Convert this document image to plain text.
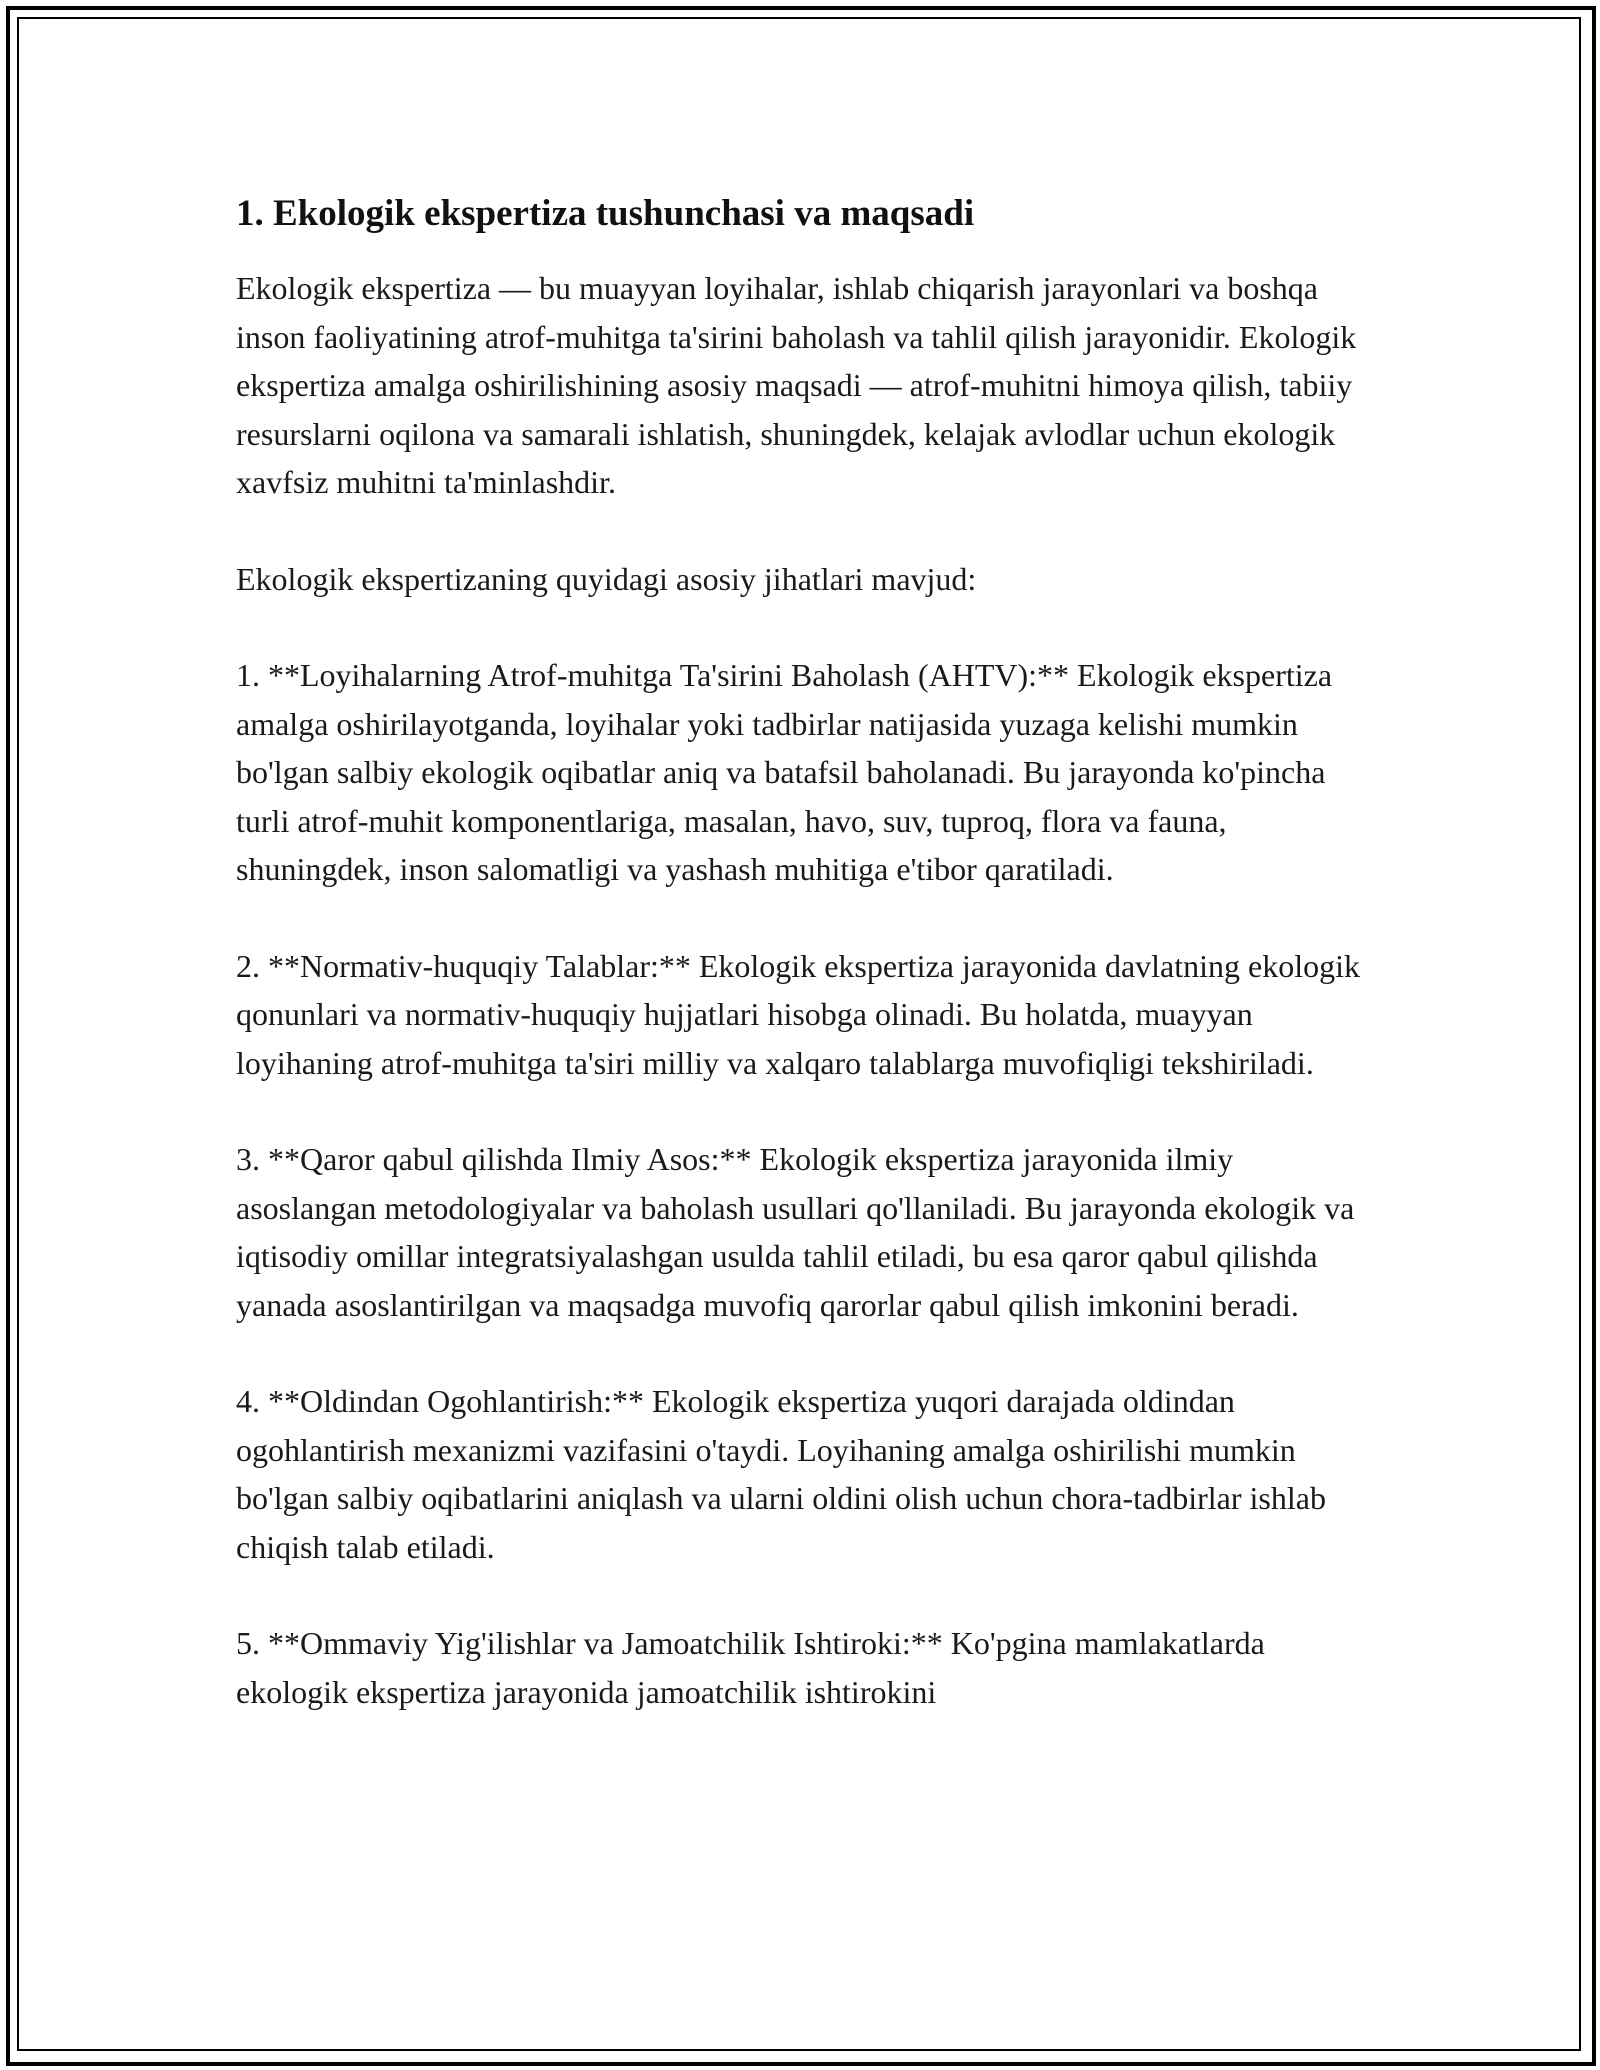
1. Ekologik ekspertiza tushunchasi va maqsadi

Ekologik ekspertiza — bu muayyan loyihalar, ishlab chiqarish jarayonlari va boshqa inson faoliyatining atrof-muhitga ta'sirini baholash va tahlil qilish jarayonidir. Ekologik ekspertiza amalga oshirilishining asosiy maqsadi — atrof-muhitni himoya qilish, tabiiy resurslarni oqilona va samarali ishlatish, shuningdek, kelajak avlodlar uchun ekologik xavfsiz muhitni ta'minlashdir.

Ekologik ekspertizaning quyidagi asosiy jihatlari mavjud:

1. **Loyihalarning Atrof-muhitga Ta'sirini Baholash (AHTV):** Ekologik ekspertiza amalga oshirilayotganda, loyihalar yoki tadbirlar natijasida yuzaga kelishi mumkin bo'lgan salbiy ekologik oqibatlar aniq va batafsil baholanadi. Bu jarayonda ko'pincha turli atrof-muhit komponentlariga, masalan, havo, suv, tuproq, flora va fauna, shuningdek, inson salomatligi va yashash muhitiga e'tibor qaratiladi.

2. **Normativ-huquqiy Talablar:** Ekologik ekspertiza jarayonida davlatning ekologik qonunlari va normativ-huquqiy hujjatlari hisobga olinadi. Bu holatda, muayyan loyihaning atrof-muhitga ta'siri milliy va xalqaro talablarga muvofiqligi tekshiriladi.

3. **Qaror qabul qilishda Ilmiy Asos:** Ekologik ekspertiza jarayonida ilmiy asoslangan metodologiyalar va baholash usullari qo'llaniladi. Bu jarayonda ekologik va iqtisodiy omillar integratsiyalashgan usulda tahlil etiladi, bu esa qaror qabul qilishda yanada asoslantirilgan va maqsadga muvofiq qarorlar qabul qilish imkonini beradi.

4. **Oldindan Ogohlantirish:** Ekologik ekspertiza yuqori darajada oldindan ogohlantirish mexanizmi vazifasini o'taydi. Loyihaning amalga oshirilishi mumkin bo'lgan salbiy oqibatlarini aniqlash va ularni oldini olish uchun chora-tadbirlar ishlab chiqish talab etiladi.

5. **Ommaviy Yig'ilishlar va Jamoatchilik Ishtiroki:** Ko'pgina mamlakatlarda ekologik ekspertiza jarayonida jamoatchilik ishtirokini
